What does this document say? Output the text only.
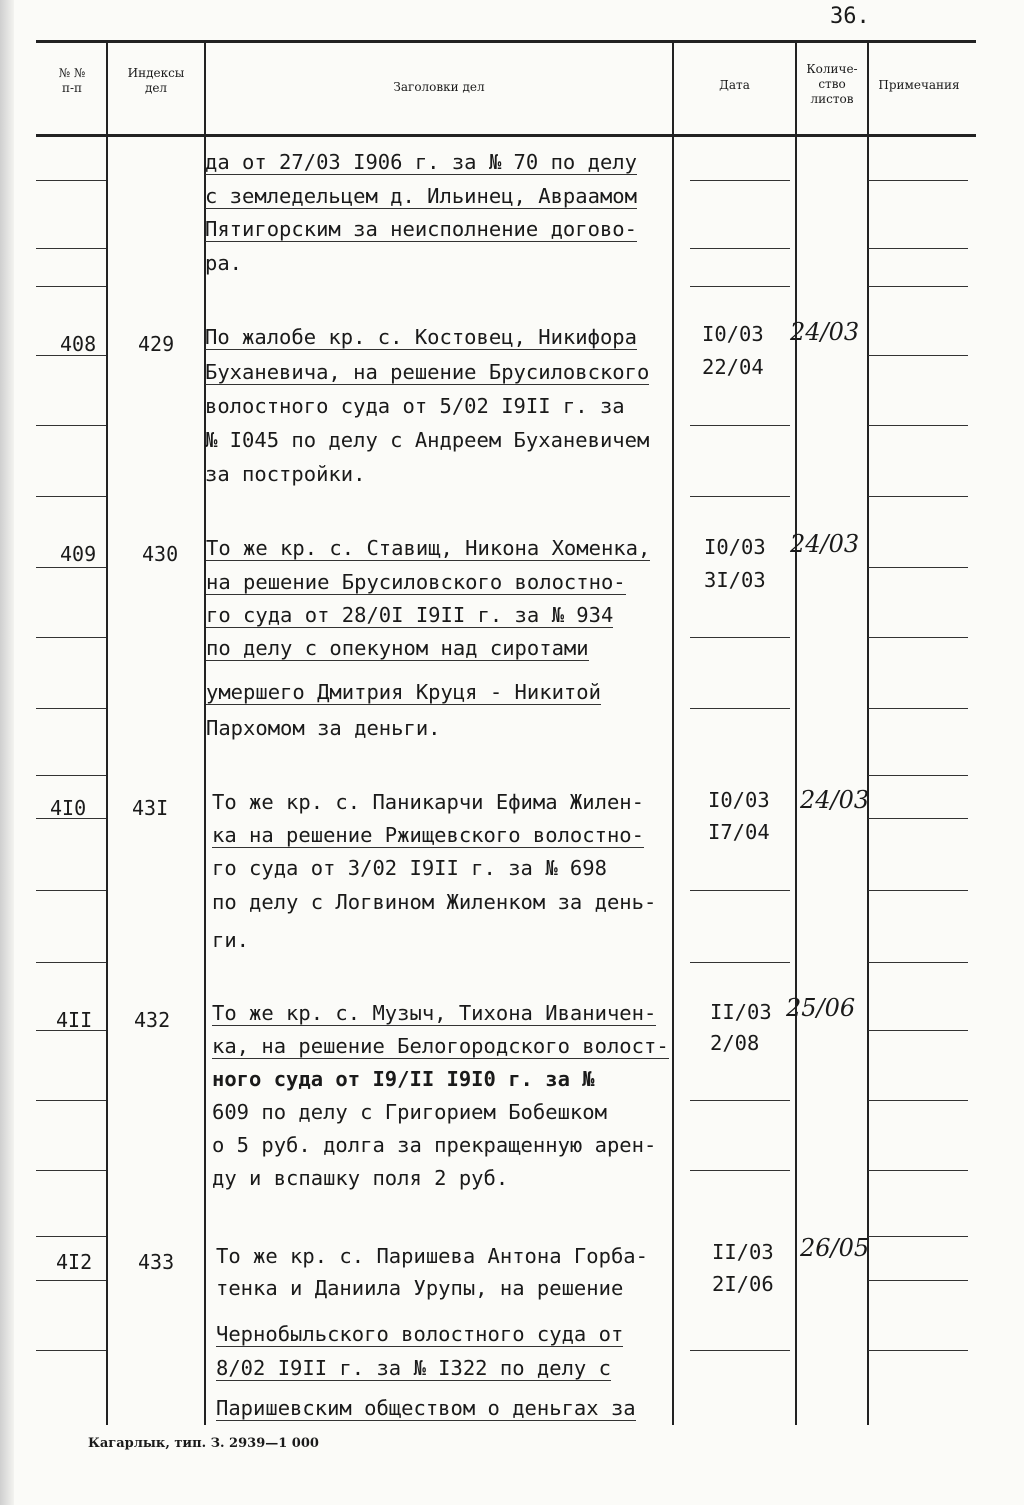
36.
№ №
п-п
Индексы
дел	Заголовки дел	Дата
Количе-
ство
листов
Примечания
да от 27/03 I906 г. за № 70 по делу
с земледельцем д. Ильинец, Авраамом
Пятигорским за неисполнение догово-
ра.
408 429 По жалобе кр. с. Костовец, Никифора
Буханевича, на решение Брусиловского
волостного суда от 5/02 I9II г. за
№ I045 по делу с Андреем Буханевичем
за постройки.
I0/03
22/04
24/03
409 430 То же кр. с. Ставищ, Никона Хоменка,
на решение Брусиловского волостно-
го суда от 28/0I I9II г. за № 934
по делу с опекуном над сиротами
умершего Дмитрия Круця - Никитой
Пархомом за деньги.
I0/03
3I/03
24/03
4I0 43I То же кр. с. Паникарчи Ефима Жилен-
ка на решение Ржищевского волостно-
го суда от 3/02 I9II г. за № 698
по делу с Логвином Жиленком за день-
ги.
I0/03
I7/04
24/03
4II 432 То же кр. с. Музыч, Тихона Иваничен-
ка, на решение Белогородского волост-
ного суда от I9/II I9I0 г. за №
609 по делу с Григорием Бобешком
о 5 руб. долга за прекращенную арен-
ду и вспашку поля 2 руб.
II/03
2/08
25/06
4I2 433 То же кр. с. Паришева Антона Горба-
тенка и Даниила Урупы, на решение
Чернобыльского волостного суда от
8/02 I9II г. за № I322 по делу с
Паришевским обществом о деньгах за
II/03
2I/06
26/05
Кагарлык, тип. З. 2939—1 000
